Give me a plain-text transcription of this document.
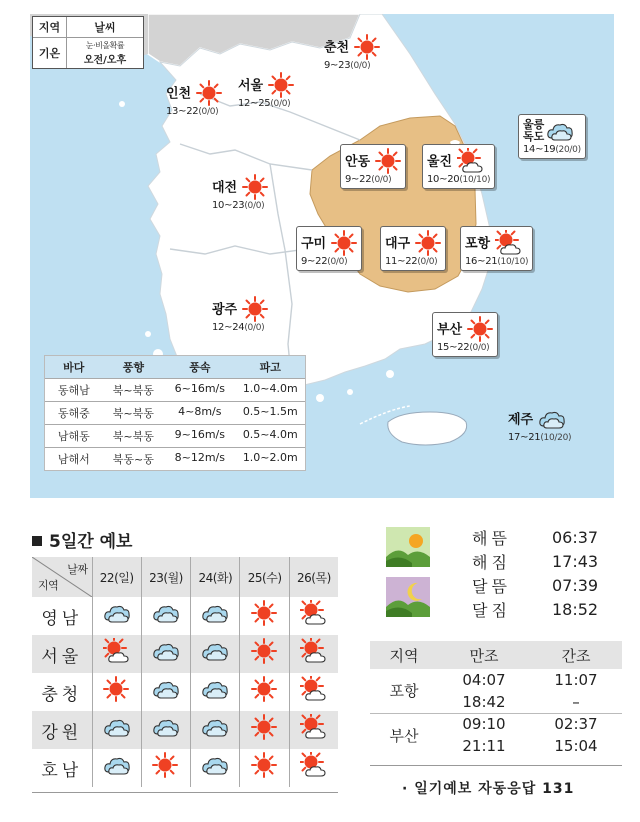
지역	날씨
기온
눈·비올확률
오전/오후
인천
13~22(0/0)
서울
12~25(0/0)
춘천
9~23(0/0)
대전
10~23(0/0)
안동
9~22(0/0)
울진
10~20(10/10)
울릉
독도
14~19(20/0)
구미
9~22(0/0)
대구
11~22(0/0)
포항
16~21(10/10)
광주
12~24(0/0)	부산
15~22(0/0)
제주
17~21(10/20)
바다	풍향	풍속	파고
동해남	북~북동	6~16m/s	1.0~4.0m
동해중	북~북동	4~8m/s	0.5~1.5m
남해동	북~북동	9~16m/s	0.5~4.0m
남해서	북동~동	8~12m/s	1.0~2.0m
5일간 예보
날짜
지역	22(일)	23(월)	24(화)	25(수)	26(목)
영남					
서울					
충청					
강원					
호남					
해뜸	06:37
해짐	17:43
달뜸	07:39
달짐	18:52
지역	만조	간조
포항	04:07	11:07
	18:42	–
부산	09:10	02:37
	21:11	15:04
· 일기예보 자동응답 131
